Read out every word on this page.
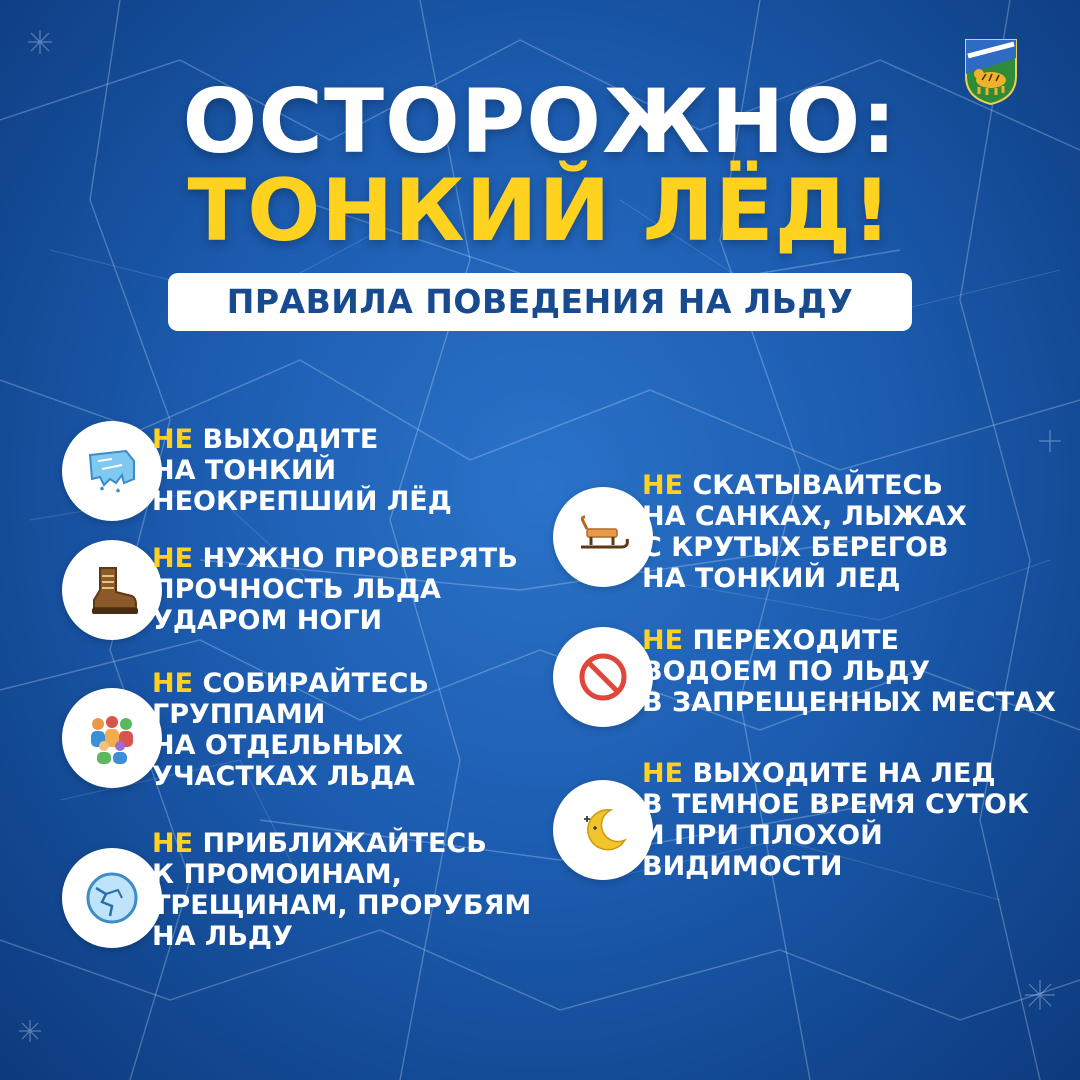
ОСТОРОЖНО:
ТОНКИЙ ЛЁД!
ПРАВИЛА ПОВЕДЕНИЯ НА ЛЬДУ
НЕ ВЫХОДИТЕ
НА ТОНКИЙ
НЕОКРЕПШИЙ ЛЁД
НЕ НУЖНО ПРОВЕРЯТЬ
ПРОЧНОСТЬ ЛЬДА
УДАРОМ НОГИ
НЕ СОБИРАЙТЕСЬ
ГРУППАМИ
НА ОТДЕЛЬНЫХ
УЧАСТКАХ ЛЬДА
НЕ ПРИБЛИЖАЙТЕСЬ
К ПРОМОИНАМ,
ТРЕЩИНАМ, ПРОРУБЯМ
НА ЛЬДУ
НЕ СКАТЫВАЙТЕСЬ
НА САНКАХ, ЛЫЖАХ
С КРУТЫХ БЕРЕГОВ
НА ТОНКИЙ ЛЕД
НЕ ПЕРЕХОДИТЕ
ВОДОЕМ ПО ЛЬДУ
В ЗАПРЕЩЕННЫХ МЕСТАХ
НЕ ВЫХОДИТЕ НА ЛЕД
В ТЕМНОЕ ВРЕМЯ СУТОК
И ПРИ ПЛОХОЙ
ВИДИМОСТИ
